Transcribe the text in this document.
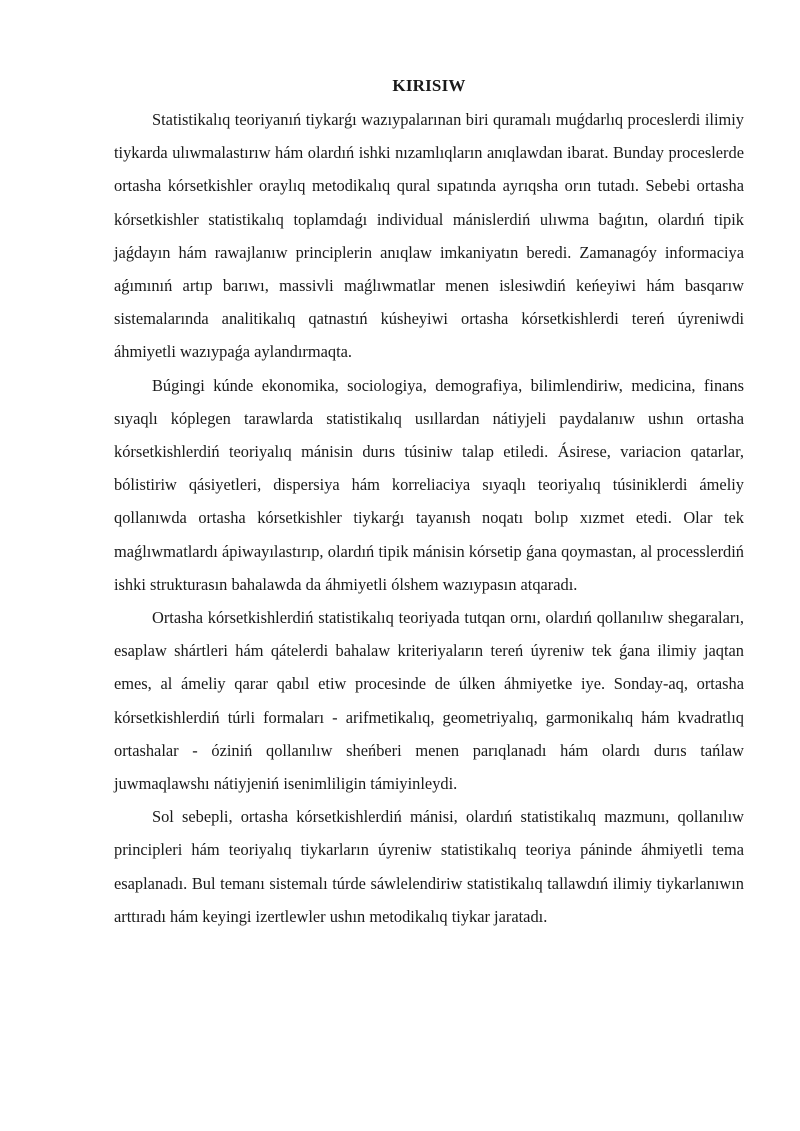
KIRISIW

Statistikalıq teoriyanıń tiykarǵı wazıypalarınan biri quramalı muǵdarlıq proceslerdi ilimiy tiykarda ulıwmalastırıw hám olardıń ishki nızamlıqların anıqlawdan ibarat. Bunday proceslerde ortasha kórsetkishler oraylıq metodikalıq qural sıpatında ayrıqsha orın tutadı. Sebebi ortasha kórsetkishler statistikalıq toplamdaǵı individual mánislerdiń ulıwma baǵıtın, olardıń tipik jaǵdayın hám rawajlanıw principlerin anıqlaw imkaniyatın beredi. Zamanagóy informaciya aǵımınıń artıp barıwı, massivli maǵlıwmatlar menen islesiwdiń keńeyiwi hám basqarıw sistemalarında analitikalıq qatnastıń kúsheyiwi ortasha kórsetkishlerdi tereń úyreniwdi áhmiyetli wazıypaǵa aylandırmaqta.

Búgingi kúnde ekonomika, sociologiya, demografiya, bilimlendiriw, medicina, finans sıyaqlı kóplegen tarawlarda statistikalıq usıllardan nátiyjeli paydalanıw ushın ortasha kórsetkishlerdiń teoriyalıq mánisin durıs túsiniw talap etiledi. Ásirese, variacion qatarlar, bólistiriw qásiyetleri, dispersiya hám korreliaciya sıyaqlı teoriyalıq túsiniklerdi ámeliy qollanıwda ortasha kórsetkishler tiykarǵı tayanısh noqatı bolıp xızmet etedi. Olar tek maǵlıwmatlardı ápiwayılastırıp, olardıń tipik mánisin kórsetip ǵana qoymastan, al processlerdiń ishki strukturasın bahalawda da áhmiyetli ólshem wazıypasın atqaradı.

Ortasha kórsetkishlerdiń statistikalıq teoriyada tutqan ornı, olardıń qollanılıw shegaraları, esaplaw shártleri hám qátelerdi bahalaw kriteriyaların tereń úyreniw tek ǵana ilimiy jaqtan emes, al ámeliy qarar qabıl etiw procesinde de úlken áhmiyetke iye. Sonday-aq, ortasha kórsetkishlerdiń túrli formaları - arifmetikalıq, geometriyalıq, garmonikalıq hám kvadratlıq ortashalar - óziniń qollanılıw sheńberi menen parıqlanadı hám olardı durıs tańlaw juwmaqlawshı nátiyjeniń isenimliligin támiyinleydi.

Sol sebepli, ortasha kórsetkishlerdiń mánisi, olardıń statistikalıq mazmunı, qollanılıw principleri hám teoriyalıq tiykarların úyreniw statistikalıq teoriya páninde áhmiyetli tema esaplanadı. Bul temanı sistemalı túrde sáwlelendiriw statistikalıq tallawdıń ilimiy tiykarlanıwın arttıradı hám keyingi izertlewler ushın metodikalıq tiykar jaratadı.
